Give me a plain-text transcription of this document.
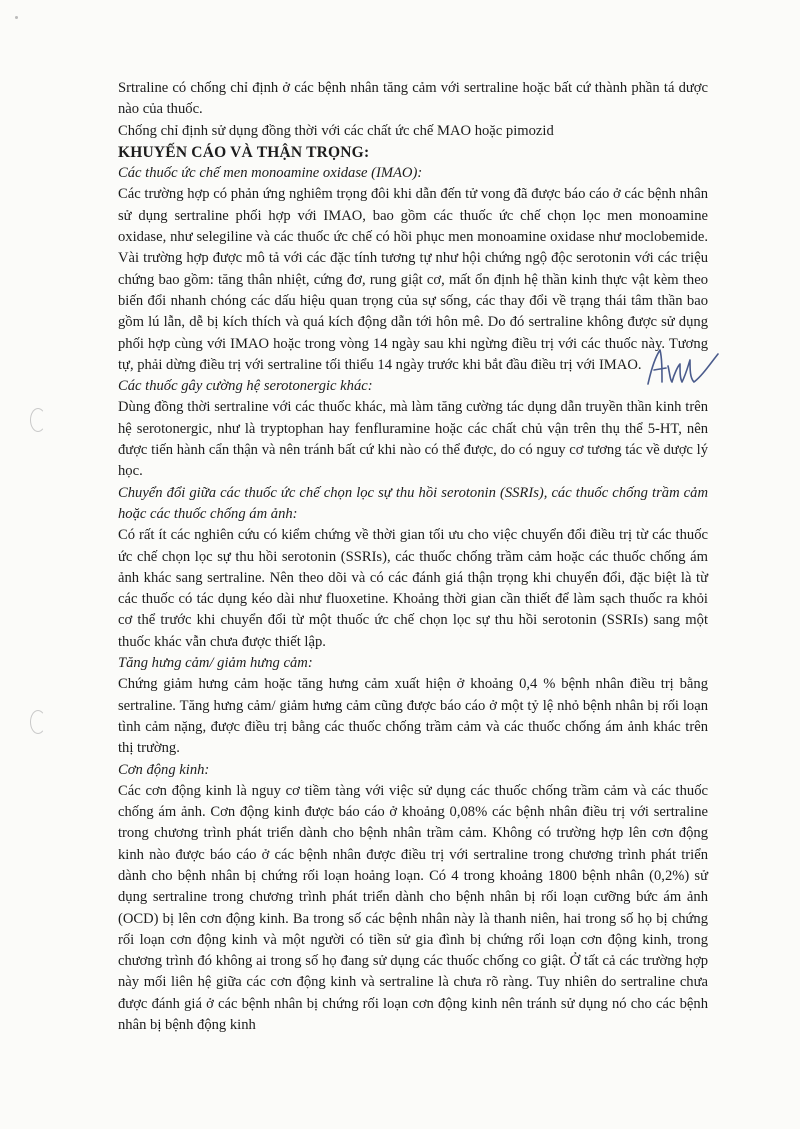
Srtraline có chống chỉ định ở các bệnh nhân tăng cảm với sertraline hoặc bất cứ thành phần tá dược nào của thuốc.

Chống chỉ định sử dụng đồng thời với các chất ức chế MAO hoặc pimozid

KHUYẾN CÁO VÀ THẬN TRỌNG:

Các thuốc ức chế men monoamine oxidase (IMAO):

Các trường hợp có phản ứng nghiêm trọng đôi khi dẫn đến tử vong đã được báo cáo ở các bệnh nhân sử dụng sertraline phối hợp với IMAO, bao gồm các thuốc ức chế chọn lọc men monoamine oxidase, như selegiline và các thuốc ức chế có hồi phục men monoamine oxidase như moclobemide. Vài trường hợp được mô tả với các đặc tính tương tự như hội chứng ngộ độc serotonin với các triệu chứng bao gồm: tăng thân nhiệt, cứng đơ, rung giật cơ, mất ổn định hệ thần kinh thực vật kèm theo biến đổi nhanh chóng các dấu hiệu quan trọng của sự sống, các thay đổi về trạng thái tâm thần bao gồm lú lẫn, dễ bị kích thích và quá kích động dẫn tới hôn mê. Do đó sertraline không được sử dụng phối hợp cùng với IMAO hoặc trong vòng 14 ngày sau khi ngừng điều trị với các thuốc này. Tương tự, phải dừng điều trị với sertraline tối thiểu 14 ngày trước khi bắt đầu điều trị với IMAO.

Các thuốc gây cường hệ serotonergic khác:

Dùng đồng thời sertraline với các thuốc khác, mà làm tăng cường tác dụng dẫn truyền thần kinh trên hệ serotonergic, như là tryptophan hay fenfluramine hoặc các chất chủ vận trên thụ thể 5-HT, nên được tiến hành cẩn thận và nên tránh bất cứ khi nào có thể được, do có nguy cơ tương tác về dược lý học.

Chuyển đổi giữa các thuốc ức chế chọn lọc sự thu hồi serotonin (SSRIs), các thuốc chống trầm cảm hoặc các thuốc chống ám ảnh:

Có rất ít các nghiên cứu có kiểm chứng về thời gian tối ưu cho việc chuyển đổi điều trị từ các thuốc ức chế chọn lọc sự thu hồi serotonin (SSRIs), các thuốc chống trầm cảm hoặc các thuốc chống ám ảnh khác sang sertraline. Nên theo dõi và có các đánh giá thận trọng khi chuyển đổi, đặc biệt là từ các thuốc có tác dụng kéo dài như fluoxetine. Khoảng thời gian cần thiết để làm sạch thuốc ra khỏi cơ thể trước khi chuyển đổi từ một thuốc ức chế chọn lọc sự thu hồi serotonin (SSRIs) sang một thuốc khác vẫn chưa được thiết lập.

Tăng hưng cảm/ giảm hưng cảm:

Chứng giảm hưng cảm hoặc tăng hưng cảm xuất hiện ở khoảng 0,4 % bệnh nhân điều trị bằng sertraline. Tăng hưng cảm/ giảm hưng cảm cũng được báo cáo ở một tỷ lệ nhỏ bệnh nhân bị rối loạn tình cảm nặng, được điều trị bằng các thuốc chống trầm cảm và các thuốc chống ám ảnh khác trên thị trường.

Cơn động kinh:

Các cơn động kinh là nguy cơ tiềm tàng với việc sử dụng các thuốc chống trầm cảm và các thuốc chống ám ảnh. Cơn động kinh được báo cáo ở khoảng 0,08% các bệnh nhân điều trị với sertraline trong chương trình phát triển dành cho bệnh nhân trầm cảm. Không có trường hợp lên cơn động kinh nào được báo cáo ở các bệnh nhân được điều trị với sertraline trong chương trình phát triển dành cho bệnh nhân bị chứng rối loạn hoảng loạn. Có 4 trong khoảng 1800 bệnh nhân (0,2%) sử dụng sertraline trong chương trình phát triển dành cho bệnh nhân bị rối loạn cưỡng bức ám ảnh (OCD) bị lên cơn động kinh. Ba trong số các bệnh nhân này là thanh niên, hai trong số họ bị chứng rối loạn cơn động kinh và một người có tiền sử gia đình bị chứng rối loạn cơn động kinh, trong chương trình đó không ai trong số họ đang sử dụng các thuốc chống co giật. Ở tất cả các trường hợp này mối liên hệ giữa các cơn động kinh và sertraline là chưa rõ ràng. Tuy nhiên do sertraline chưa được đánh giá ở các bệnh nhân bị chứng rối loạn cơn động kinh nên tránh sử dụng nó cho các bệnh nhân bị bệnh động kinh
